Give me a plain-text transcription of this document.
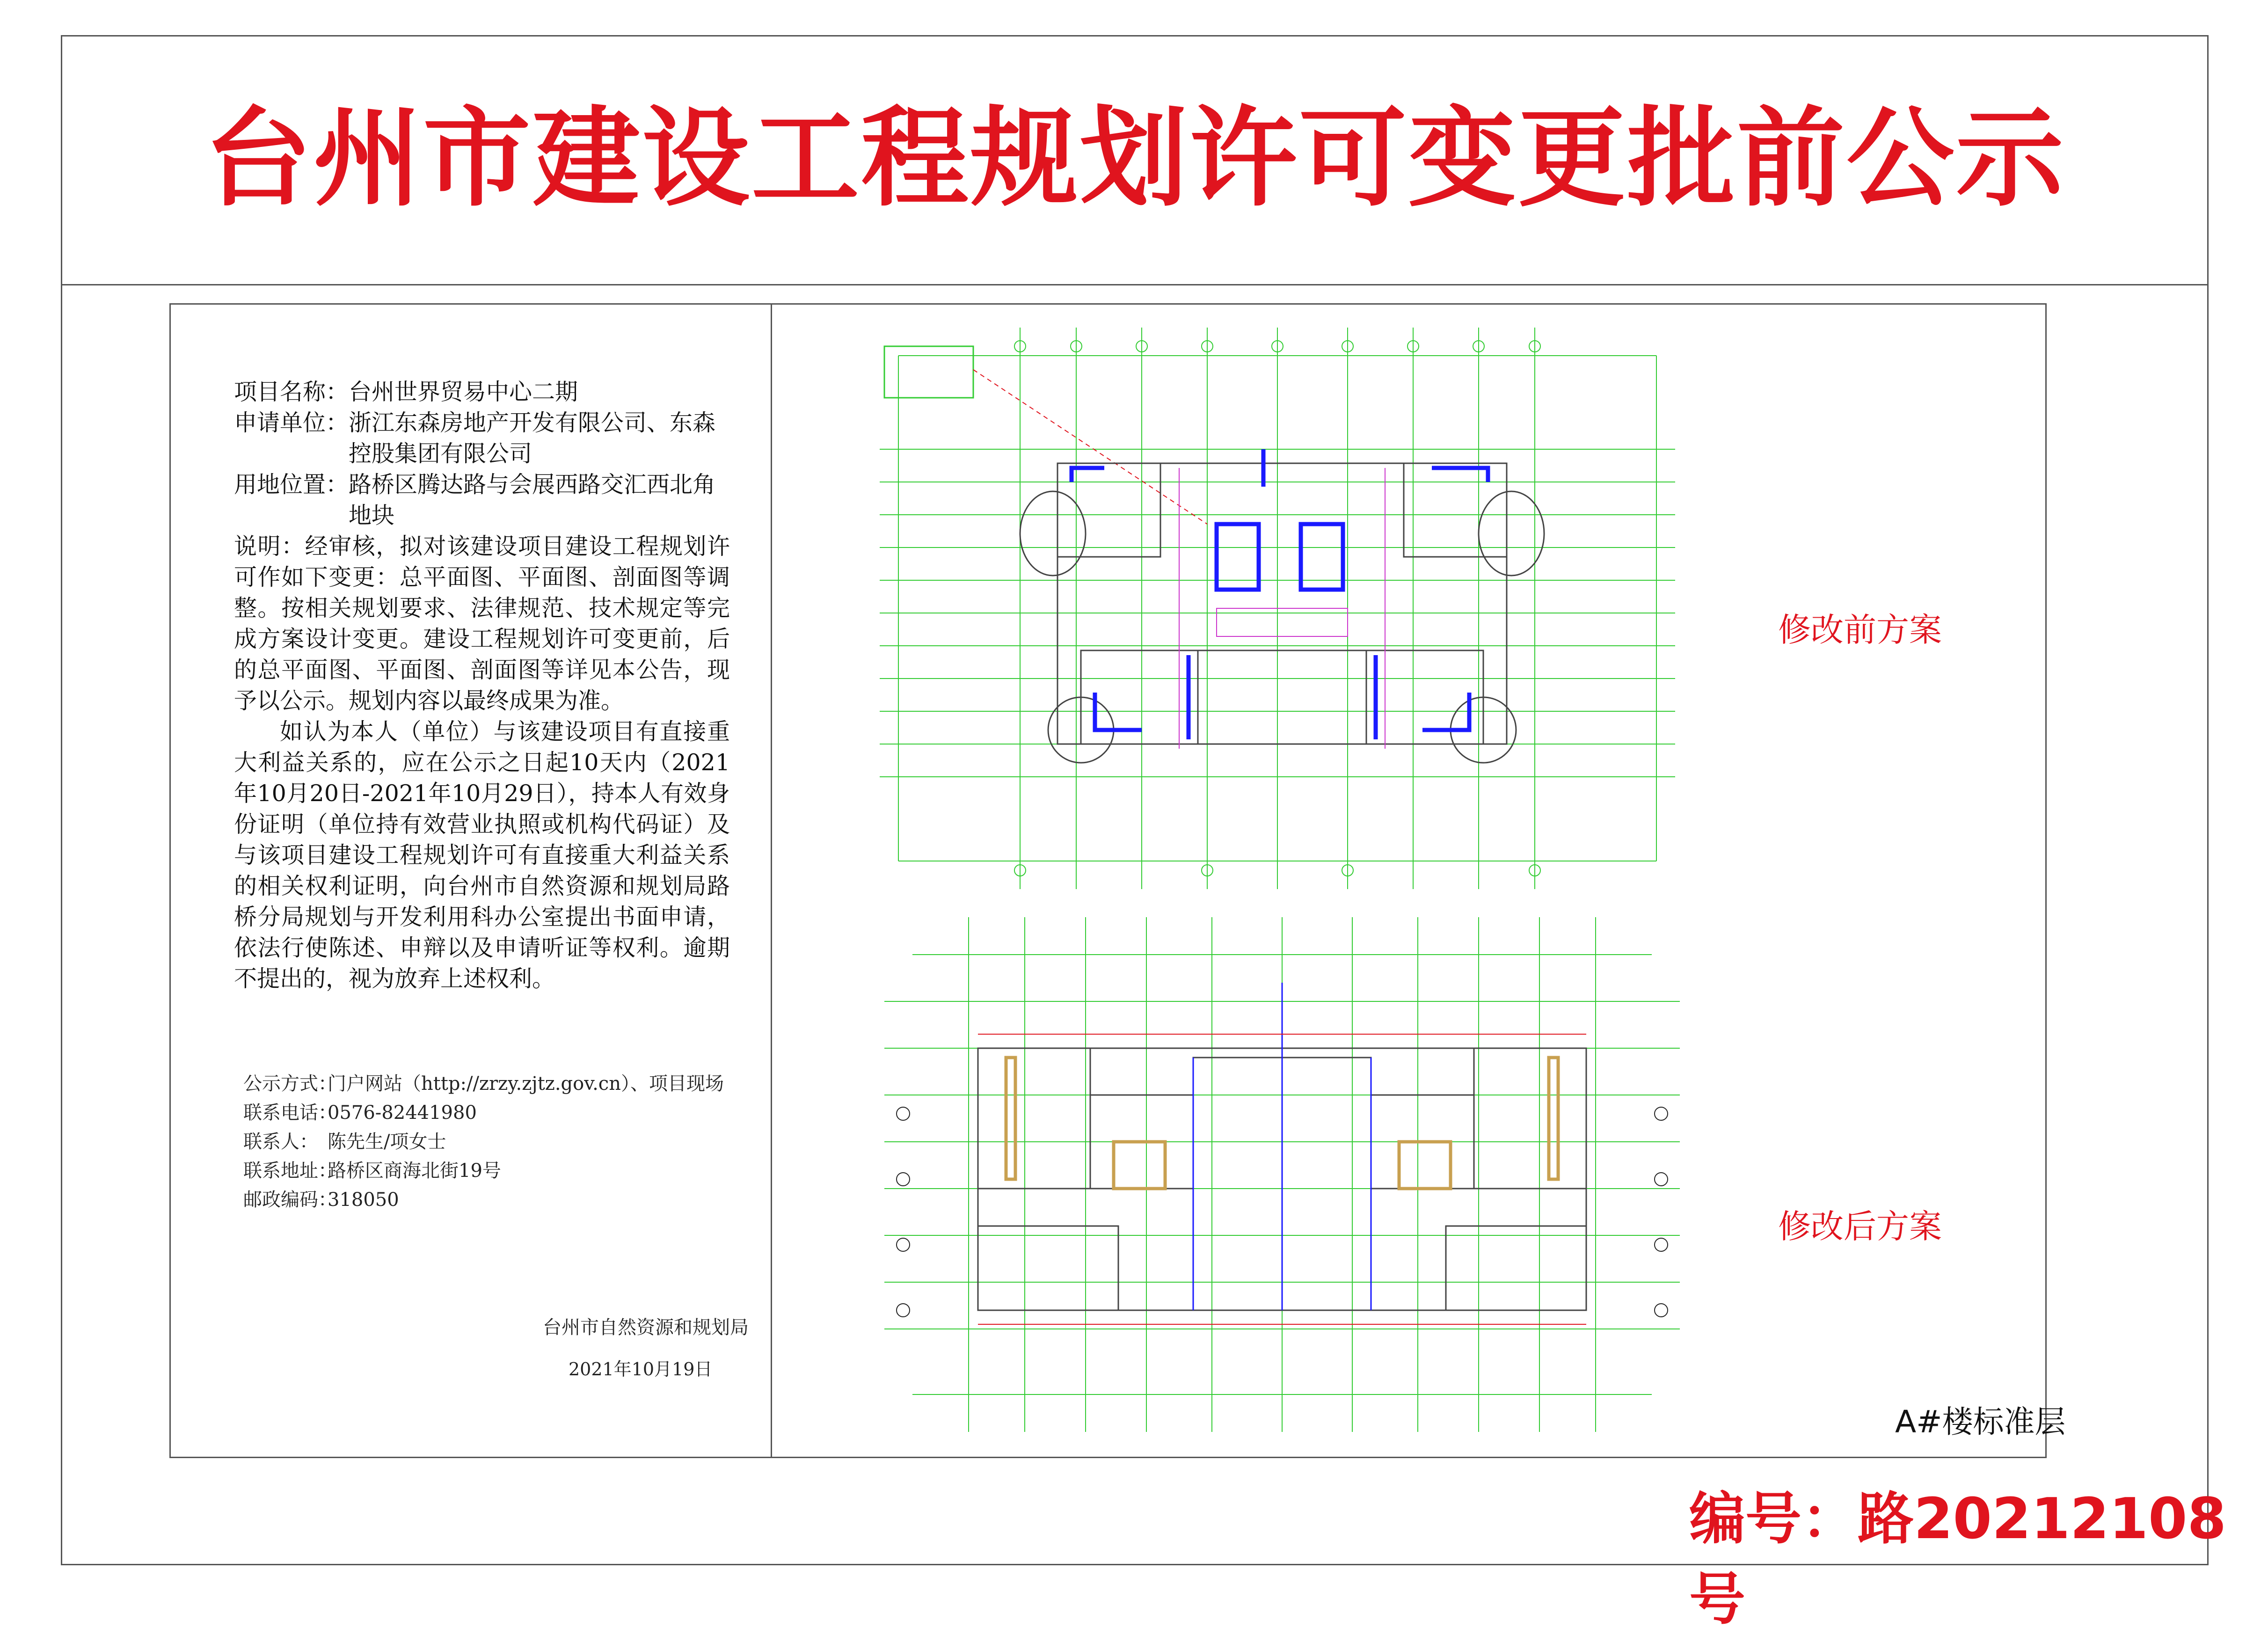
台州市建设工程规划许可变更批前公示
项目名称： 台州世界贸易中心二期
申请单位： 浙江东森房地产开发有限公司、东森控股集团有限公司
用地位置： 路桥区腾达路与会展西路交汇西北角地块

说明：经审核，拟对该建设项目建设工程规划许可作如下变更：总平面图、平面图、剖面图等调整。按相关规划要求、法律规范、技术规定等完成方案设计变更。建设工程规划许可变更前，后的总平面图、平面图、剖面图等详见本公告，现予以公示。规划内容以最终成果为准。

如认为本人（单位）与该建设项目有直接重大利益关系的，应在公示之日起10天内（2021年10月20日-2021年10月29日），持本人有效身份证明（单位持有效营业执照或机构代码证）及与该项目建设工程规划许可有直接重大利益关系的相关权利证明，向台州市自然资源和规划局路桥分局规划与开发利用科办公室提出书面申请，依法行使陈述、申辩以及申请听证等权利。逾期不提出的，视为放弃上述权利。

公示方式：
门户网站（http://zrzy.zjtz.gov.cn）、项目现场
联系电话：
0576-82441980
联系人： 陈先生/项女士
联系地址：
路桥区商海北街19号
邮政编码：
318050
台州市自然资源和规划局
2021年10月19日
修改前方案
修改后方案
A#楼标准层
编号：路20212108号
